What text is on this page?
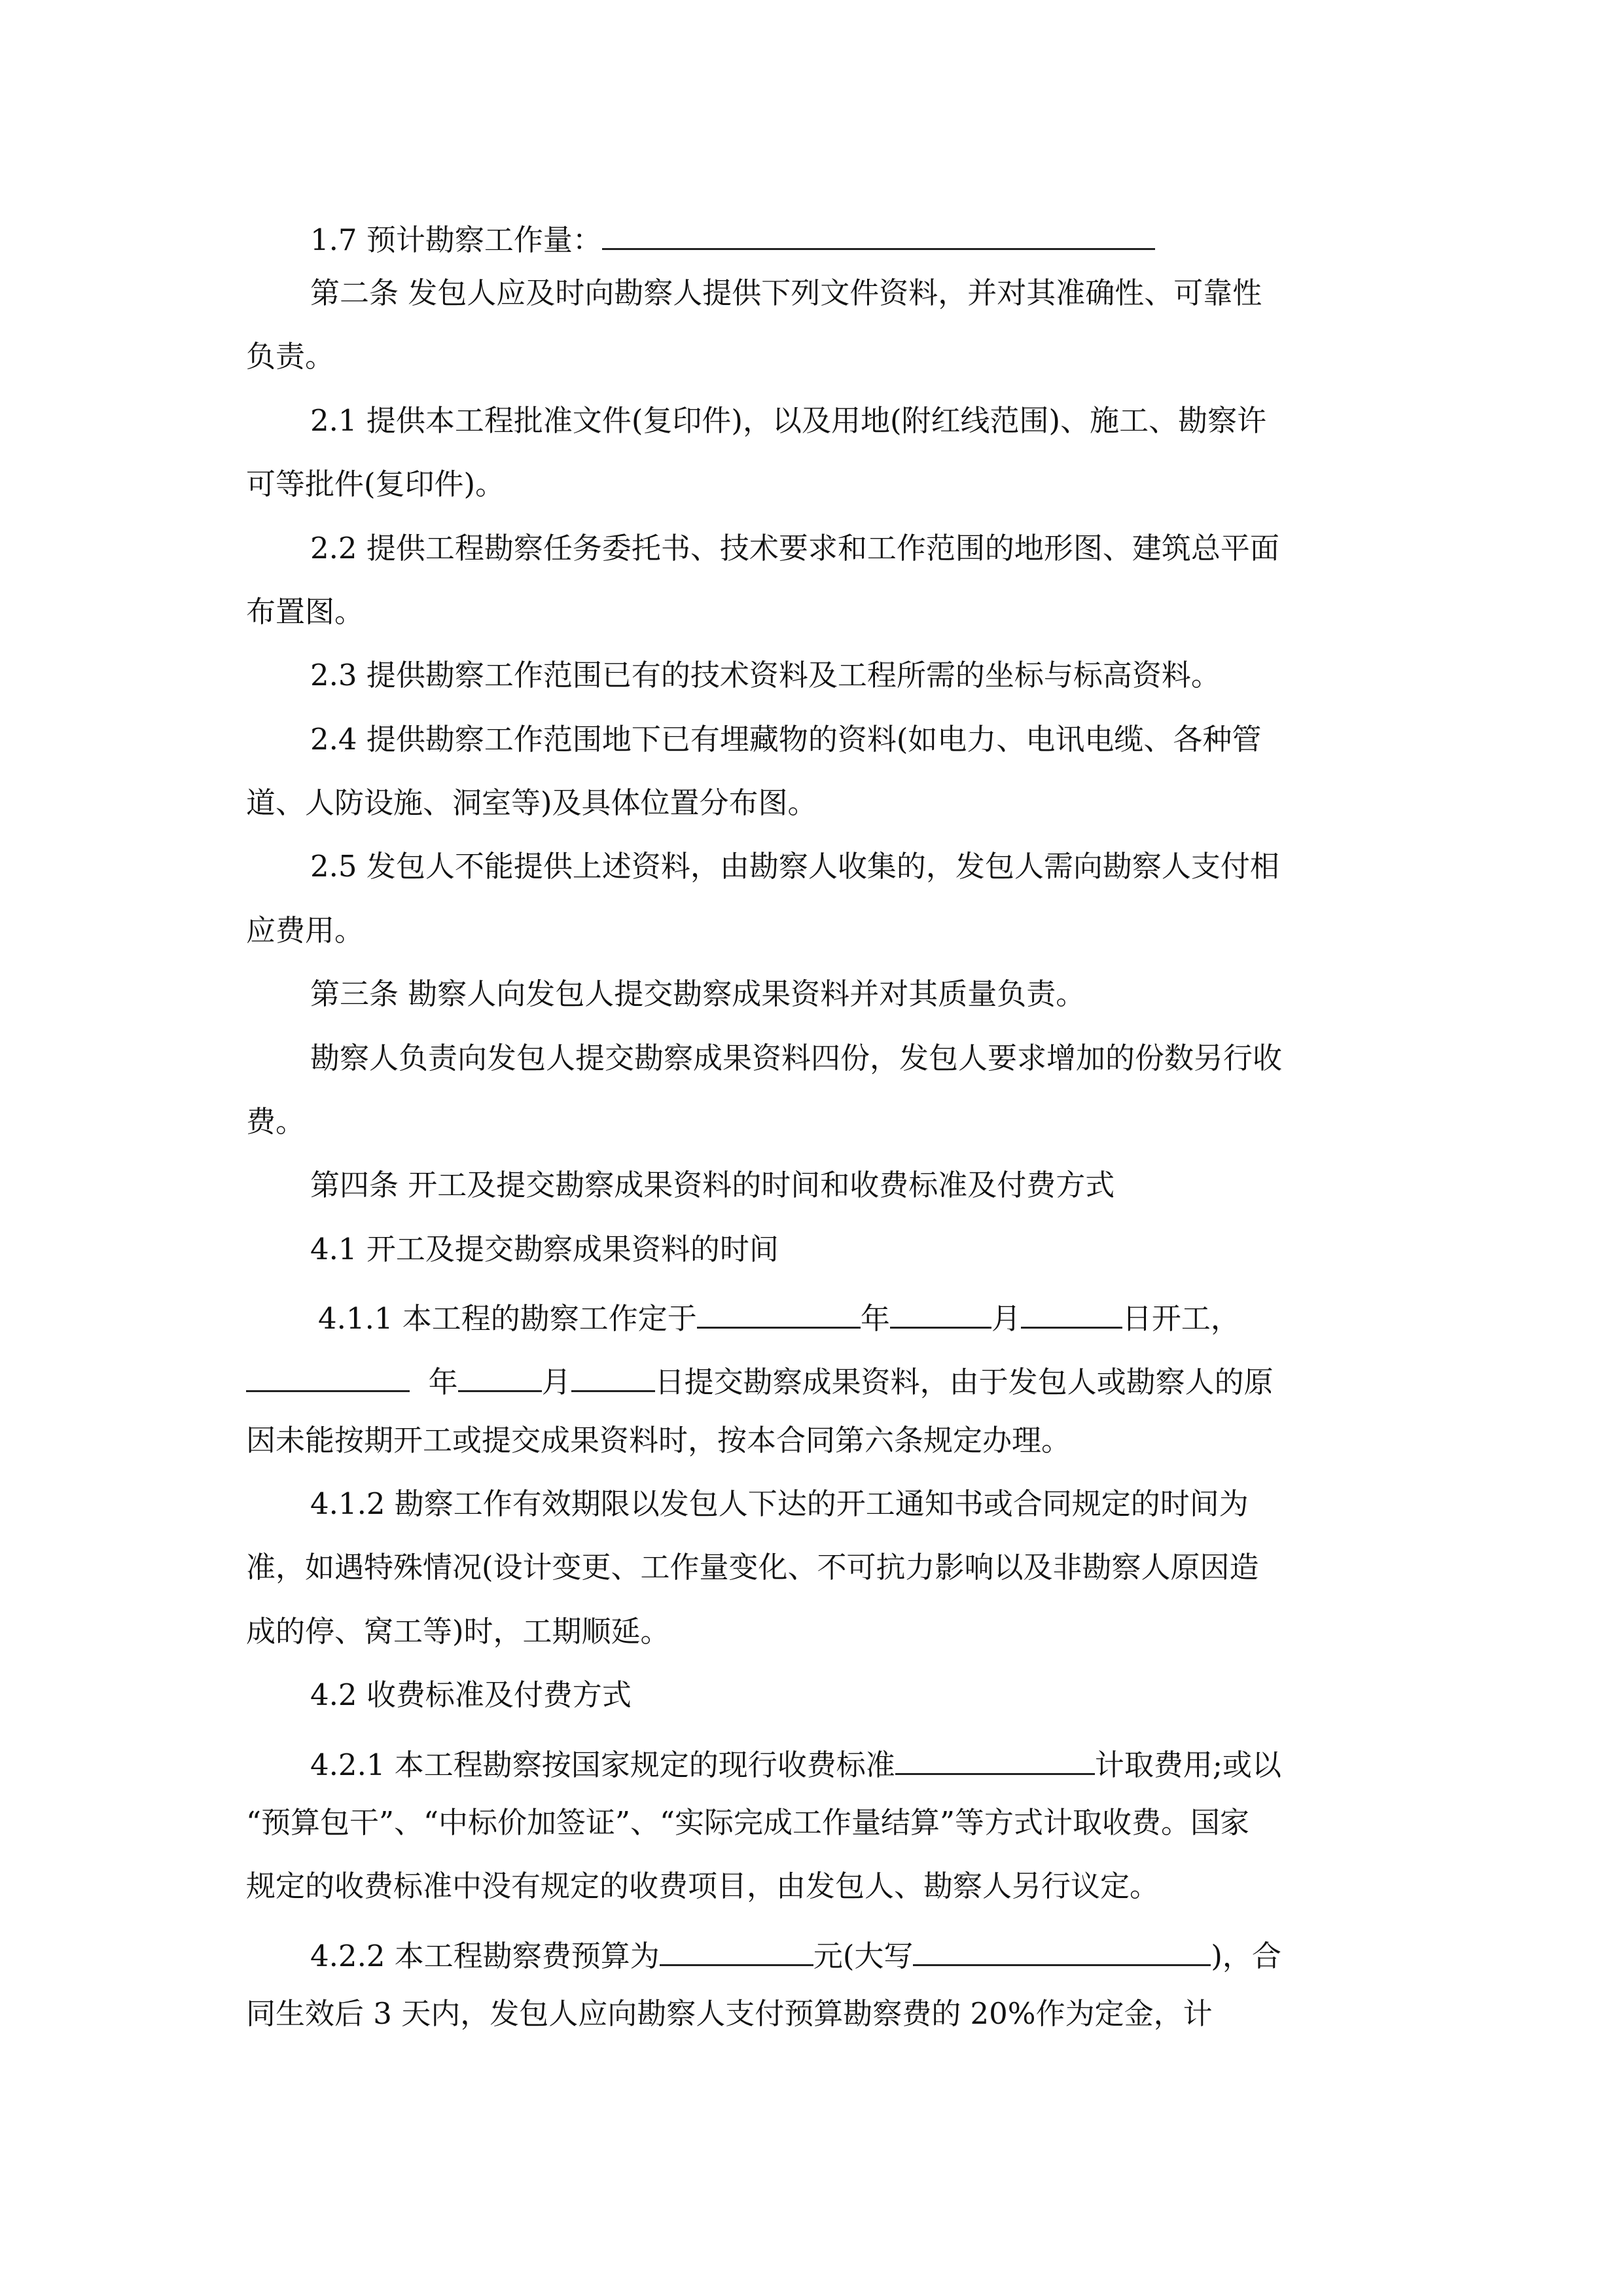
1.7 预计勘察工作量：
第二条 发包人应及时向勘察人提供下列文件资料，并对其准确性、可靠性
负责。
2.1 提供本工程批准文件(复印件)，以及用地(附红线范围)、施工、勘察许
可等批件(复印件)。
2.2 提供工程勘察任务委托书、技术要求和工作范围的地形图、建筑总平面
布置图。
2.3 提供勘察工作范围已有的技术资料及工程所需的坐标与标高资料。
2.4 提供勘察工作范围地下已有埋藏物的资料(如电力、电讯电缆、各种管
道、人防设施、洞室等)及具体位置分布图。
2.5 发包人不能提供上述资料，由勘察人收集的，发包人需向勘察人支付相
应费用。
第三条 勘察人向发包人提交勘察成果资料并对其质量负责。
勘察人负责向发包人提交勘察成果资料四份，发包人要求增加的份数另行收
费。
第四条 开工及提交勘察成果资料的时间和收费标准及付费方式
4.1 开工及提交勘察成果资料的时间
4.1.1 本工程的勘察工作定于	年	月	日开工，
年	月	日提交勘察成果资料，由于发包人或勘察人的原
因未能按期开工或提交成果资料时，按本合同第六条规定办理。
4.1.2 勘察工作有效期限以发包人下达的开工通知书或合同规定的时间为
准，如遇特殊情况(设计变更、工作量变化、不可抗力影响以及非勘察人原因造
成的停、窝工等)时，工期顺延。
4.2 收费标准及付费方式
4.2.1 本工程勘察按国家规定的现行收费标准	计取费用;或以
“预算包干”、“中标价加签证”、“实际完成工作量结算”等方式计取收费。国家
规定的收费标准中没有规定的收费项目，由发包人、勘察人另行议定。
4.2.2 本工程勘察费预算为	元(大写	)，合
同生效后 3 天内，发包人应向勘察人支付预算勘察费的 20%作为定金，计
